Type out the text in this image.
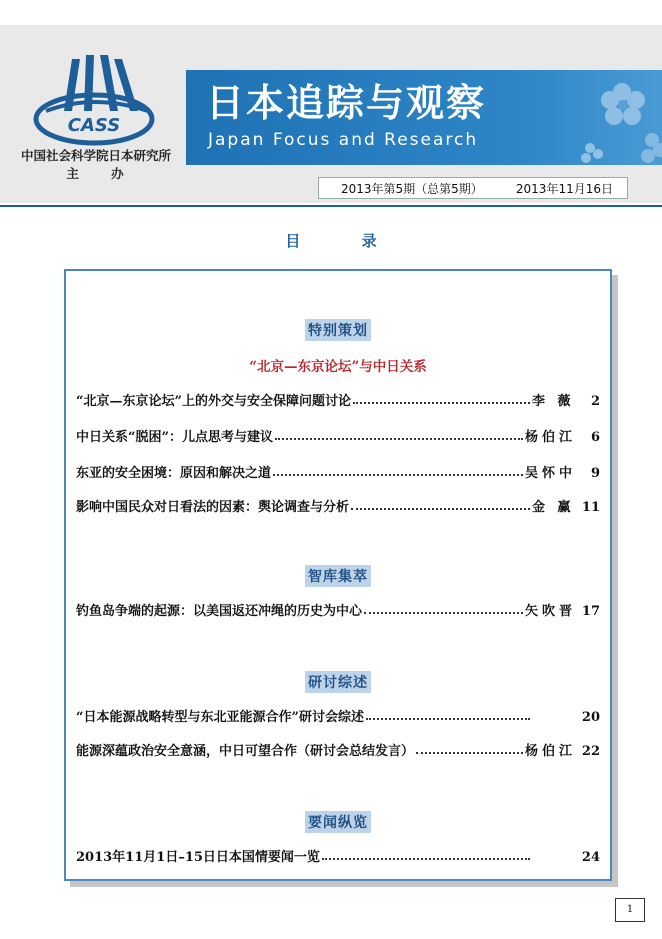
CASS
中国社会科学院日本研究所
主 办
日本追踪与观察
Japan Focus and Research
2013年第5期（总第5期）	2013年11月16日
目 录
特别策划
“北京—东京论坛”与中日关系
“北京—东京论坛”上的外交与安全保障问题讨论	李 薇	2
中日关系“脱困”：儿点思考与建议	杨伯江	6
东亚的安全困境：原因和解决之道	吴怀中	9
影响中国民众对日看法的因素：舆论调查与分析	金 赢 11
智库集萃
钓鱼岛争端的起源：以美国返还冲绳的历史为中心	矢吹晋 17
研讨综述
“日本能源战略转型与东北亚能源合作”研讨会综述	20
能源深蕴政治安全意涵，中日可望合作（研讨会总结发言）	杨伯江 22
要闻纵览
2013年11月1日–15日日本国情要闻一览	24
1
